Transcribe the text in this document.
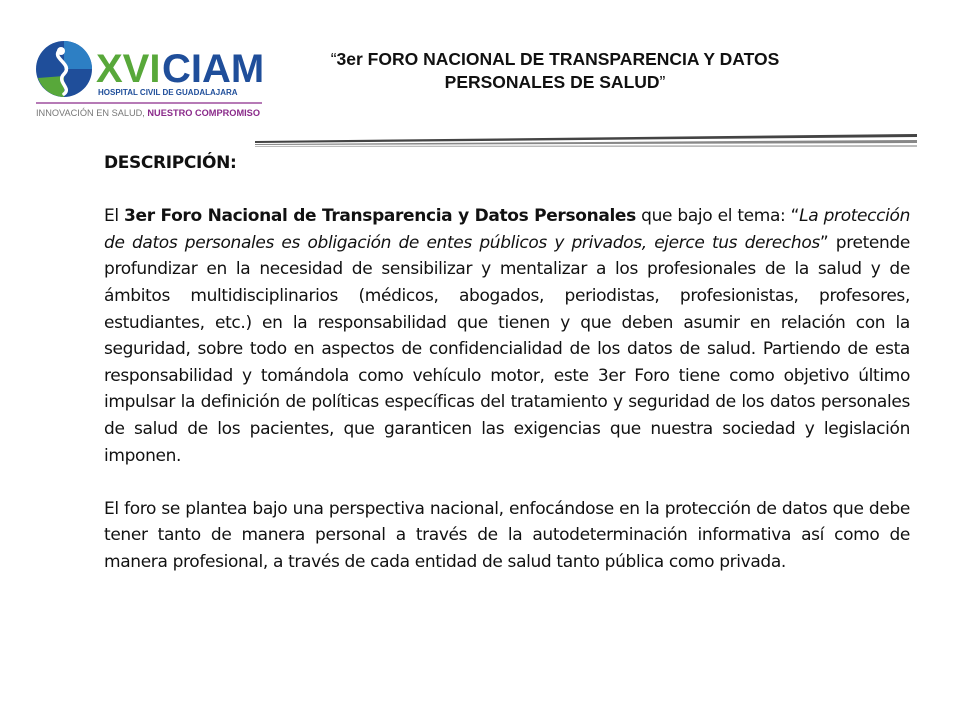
XVI CIAM
HOSPITAL CIVIL DE GUADALAJARA
INNOVACIÓN EN SALUD, NUESTRO COMPROMISO
“3er FORO NACIONAL DE TRANSPARENCIA Y DATOS
PERSONALES DE SALUD”
DESCRIPCIÓN:

El 3er Foro Nacional de Transparencia y Datos Personales que bajo el tema: “La protección de datos personales es obligación de entes públicos y privados, ejerce tus derechos” pretende profundizar en la necesidad de sensibilizar y mentalizar a los profesionales de la salud y de ámbitos multidisciplinarios (médicos, abogados, periodistas, profesionistas, profesores, estudiantes, etc.) en la responsabilidad que tienen y que deben asumir en relación con la seguridad, sobre todo en aspectos de confidencialidad de los datos de salud. Partiendo de esta responsabilidad y tomándola como vehículo motor, este 3er Foro tiene como objetivo último impulsar la definición de políticas específicas del tratamiento y seguridad de los datos personales de salud de los pacientes, que garanticen las exigencias que nuestra sociedad y legislación imponen.

El foro se plantea bajo una perspectiva nacional, enfocándose en la protección de datos que debe tener tanto de manera personal a través de la autodeterminación informativa así como de manera profesional, a través de cada entidad de salud tanto pública como privada.
